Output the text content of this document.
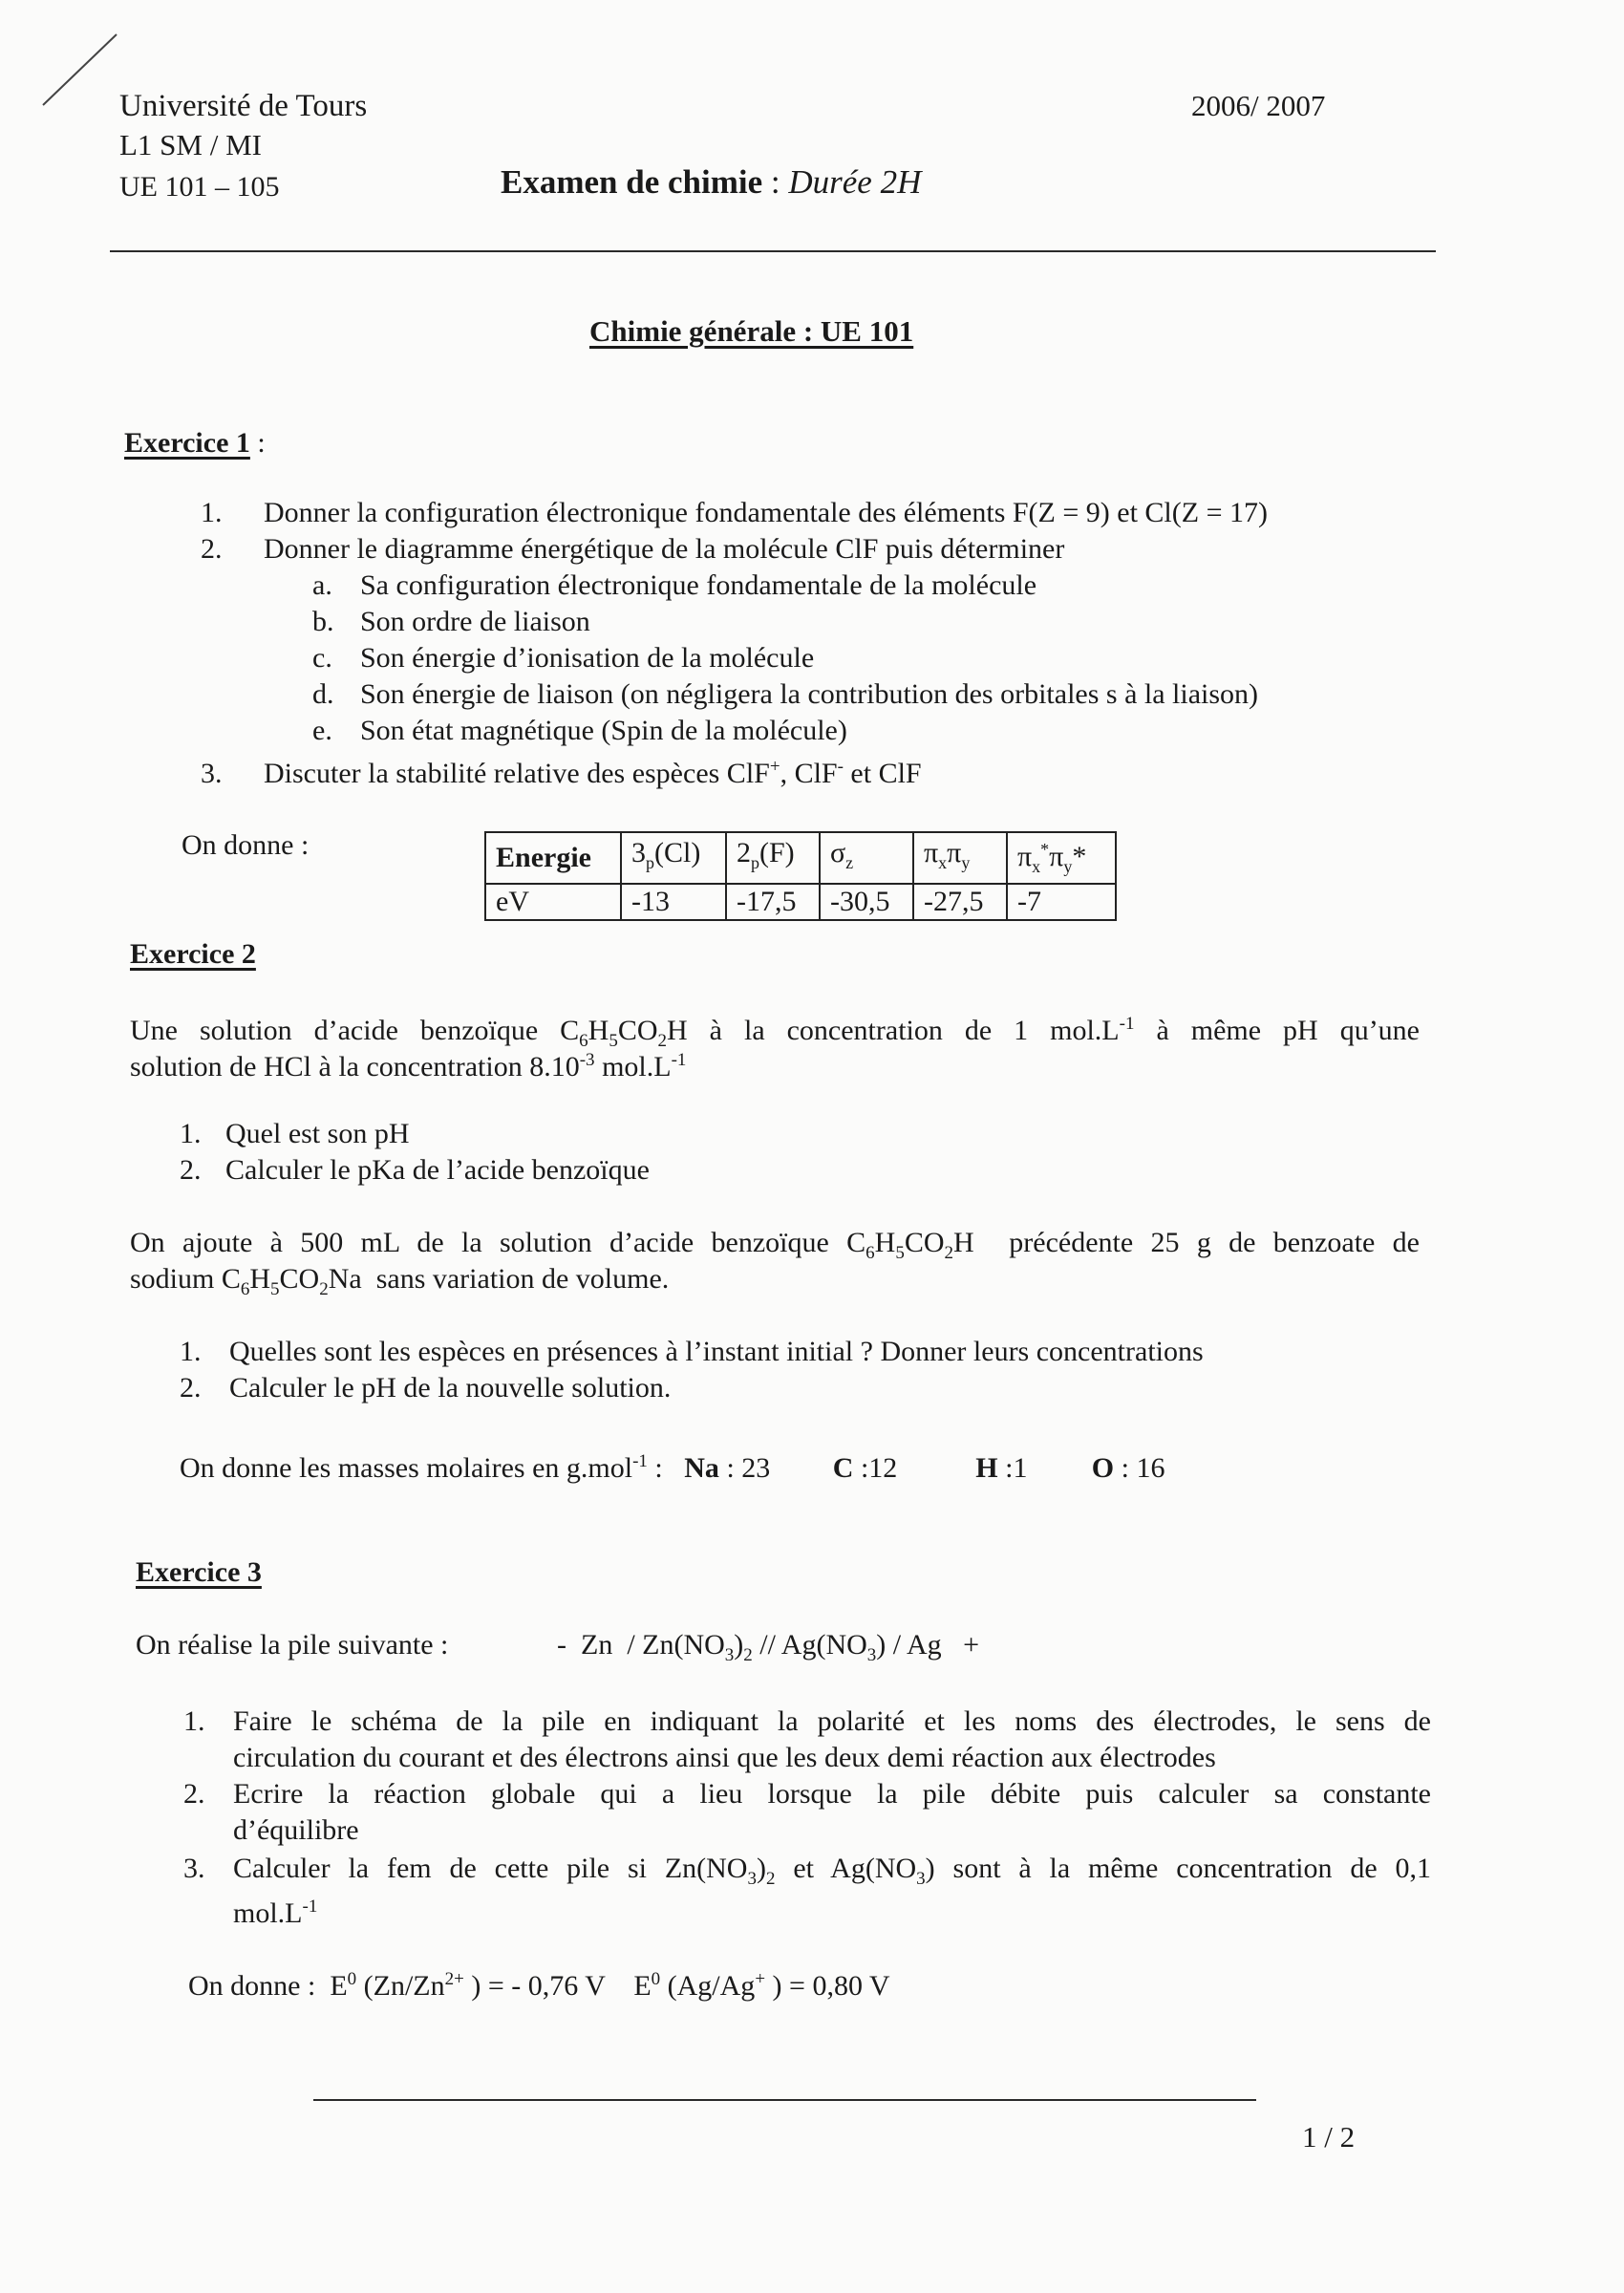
Université de Tours
L1 SM / MI
UE 101 – 105
2006/ 2007
Examen de chimie : Durée 2H
Chimie générale : UE 101
Exercice 1 :
1. Donner la configuration électronique fondamentale des éléments F(Z = 9) et Cl(Z = 17)
2. Donner le diagramme énergétique de la molécule ClF puis déterminer
a. Sa configuration électronique fondamentale de la molécule
b. Son ordre de liaison
c. Son énergie d’ionisation de la molécule
d. Son énergie de liaison (on négligera la contribution des orbitales s à la liaison)
e. Son état magnétique (Spin de la molécule)
3. Discuter la stabilité relative des espèces ClF+, ClF- et ClF
On donne :	Energie	$3_p(Cl)$	$2_p(F)$	$\sigma_z$	$\pi_x\pi_y$	$\pi_x^*\pi_y*$
eV	-13	-17,5	-30,5	-27,5	-7
Exercice 2
Une solution d’acide benzoïque $C_6H_5CO_2H$ à la concentration de 1 $mol.L^{-1}$ à même pH qu’une
solution de HCl à la concentration $8.10^{-3}$ $mol.L^{-1}$
1. Quel est son pH
2. Calculer le pKa de l’acide benzoïque
On ajoute à 500 mL de la solution d’acide benzoïque $C_6H_5CO_2H$  précédente 25 g de benzoate de
sodium $C_6H_5CO_2Na$  sans variation de volume.
1. Quelles sont les espèces en présences à l’instant initial ? Donner leurs concentrations
2. Calculer le pH de la nouvelle solution.
On donne les masses molaires en g.mol$^{-1}$ :   Na : 23 C :12	H :1 O : 16
Exercice 3
On réalise la pile suivante :	-  Zn  / $Zn(NO_3)_2 // Ag(NO_3)$ / Ag   +
1. Faire le schéma de la pile en indiquant la polarité et les noms des électrodes, le sens de
circulation du courant et des électrons ainsi que les deux demi réaction aux électrodes
2. Ecrire la réaction globale qui a lieu lorsque la pile débite puis calculer sa constante
d’équilibre
3. Calculer la fem de cette pile si $Zn(NO_3)_2$ et $Ag(NO_3)$ sont à la même concentration de 0,1
$mol.L^{-1}$
On donne :  $E^0$ ($Zn/Zn^{2+}$ ) = - 0,76 V    $E^0$ (Ag/Ag+ ) = 0,80 V
1 / 2
